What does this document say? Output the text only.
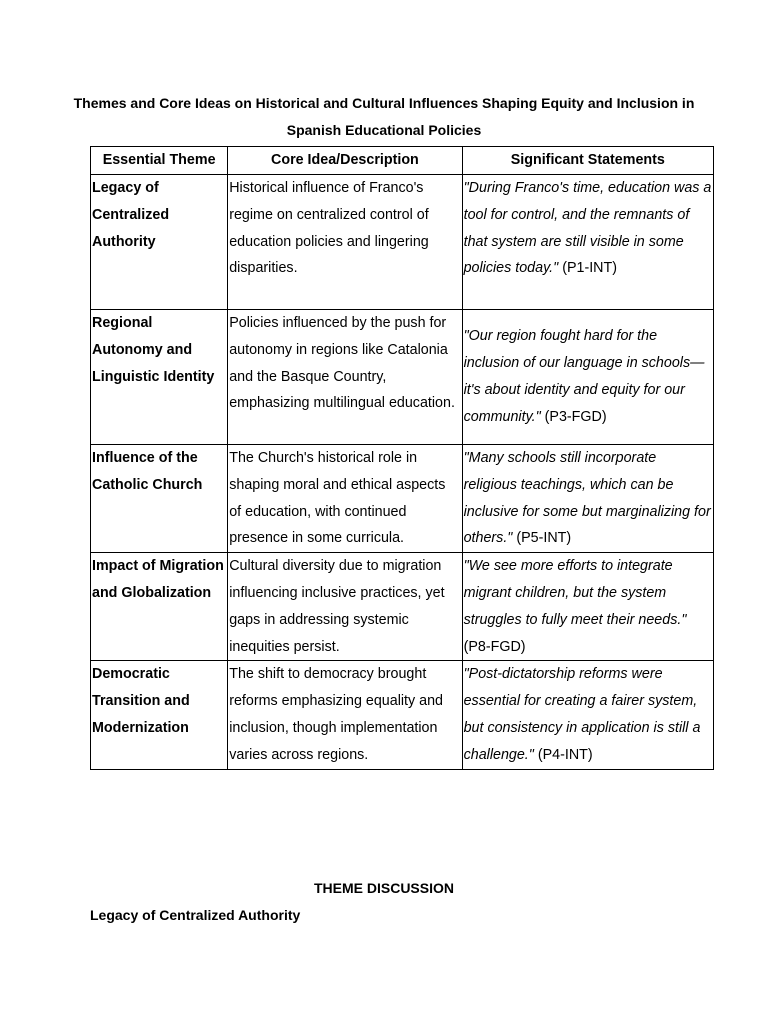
Themes and Core Ideas on Historical and Cultural Influences Shaping Equity and Inclusion in Spanish Educational Policies

Essential Theme	Core Idea/Description	Significant Statements
Legacy of Centralized Authority	Historical influence of Franco's regime on centralized control of education policies and lingering disparities.	"During Franco's time, education was a tool for control, and the remnants of that system are still visible in some policies today." (P1-INT)
Regional Autonomy and Linguistic Identity	Policies influenced by the push for autonomy in regions like Catalonia and the Basque Country, emphasizing multilingual education.	"Our region fought hard for the inclusion of our language in schools—it's about identity and equity for our community." (P3-FGD)
Influence of the Catholic Church	The Church's historical role in shaping moral and ethical aspects of education, with continued presence in some curricula.	"Many schools still incorporate religious teachings, which can be inclusive for some but marginalizing for others." (P5-INT)
Impact of Migration and Globalization	Cultural diversity due to migration influencing inclusive practices, yet gaps in addressing systemic inequities persist.	"We see more efforts to integrate migrant children, but the system struggles to fully meet their needs." (P8-FGD)
Democratic Transition and Modernization	The shift to democracy brought reforms emphasizing equality and inclusion, though implementation varies across regions.	"Post-dictatorship reforms were essential for creating a fairer system, but consistency in application is still a challenge." (P4-INT)

THEME DISCUSSION

Legacy of Centralized Authority
